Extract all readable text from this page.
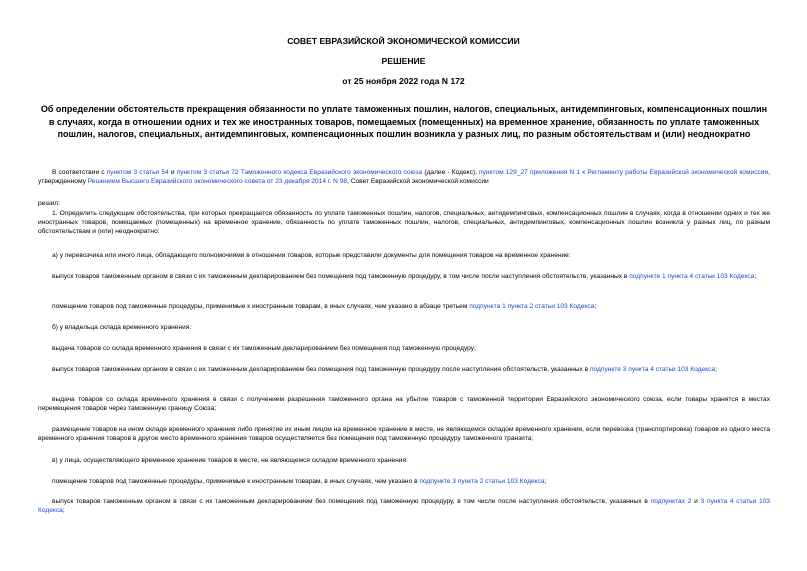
СОВЕТ ЕВРАЗИЙСКОЙ ЭКОНОМИЧЕСКОЙ КОМИССИИ
РЕШЕНИЕ
от 25 ноября 2022 года N 172
Об определении обстоятельств прекращения обязанности по уплате таможенных пошлин, налогов, специальных, антидемпинговых, компенсационных пошлин в случаях, когда в отношении одних и тех же иностранных товаров, помещаемых (помещенных) на временное хранение, обязанность по уплате таможенных пошлин, налогов, специальных, антидемпинговых, компенсационных пошлин возникла у разных лиц, по разным обстоятельствам и (или) неоднократно
В соответствии с пунктом 3 статьи 54 и пунктом 3 статьи 72 Таможенного кодекса Евразийского экономического союза (далее - Кодекс), пунктом 129_27 приложения N 1 к Регламенту работы Евразийской экономической комиссии, утвержденному Решением Высшего Евразийского экономического совета от 23 декабря 2014 г. N 98, Совет Евразийской экономической комиссии
решил:
1. Определить следующие обстоятельства, при которых прекращается обязанность по уплате таможенных пошлин, налогов, специальных, антидемпинговых, компенсационных пошлин в случаях, когда в отношении одних и тех же иностранных товаров, помещаемых (помещенных) на временное хранение, обязанность по уплате таможенных пошлин, налогов, специальных, антидемпинговых, компенсационных пошлин возникла у разных лиц, по разным обстоятельствам и (или) неоднократно:
а) у перевозчика или иного лица, обладающего полномочиями в отношении товаров, которые представили документы для помещения товаров на временное хранение:
выпуск товаров таможенным органом в связи с их таможенным декларированием без помещения под таможенную процедуру, в том числе после наступления обстоятельств, указанных в подпункте 1 пункта 4 статьи 103 Кодекса;
помещение товаров под таможенные процедуры, применимые к иностранным товарам, в иных случаях, чем указано в абзаце третьем подпункта 1 пункта 2 статьи 103 Кодекса;
б) у владельца склада временного хранения:
выдача товаров со склада временного хранения в связи с их таможенным декларированием без помещения под таможенную процедуру;
выпуск товаров таможенным органом в связи с их таможенным декларированием без помещения под таможенную процедуру после наступления обстоятельств, указанных в подпункте 3 пункта 4 статьи 103 Кодекса;
выдача товаров со склада временного хранения в связи с получением разрешения таможенного органа на убытие товаров с таможенной территории Евразийского экономического союза, если товары хранятся в местах перемещения товаров через таможенную границу Союза;
размещение товаров на ином складе временного хранения либо принятие их иным лицом на временное хранение в месте, не являющемся складом временного хранения, если перевозка (транспортировка) товаров из одного места временного хранения товаров в другое место временного хранения товаров осуществляется без помещения под таможенную процедуру таможенного транзита;
в) у лица, осуществляющего временное хранение товаров в месте, не являющемся складом временного хранения:
помещение товаров под таможенные процедуры, применимые к иностранным товарам, в иных случаях, чем указано в подпункте 3 пункта 2 статьи 103 Кодекса;
выпуск товаров таможенным органом в связи с их таможенным декларированием без помещения под таможенную процедуру, в том числе после наступления обстоятельств, указанных в подпунктах 2 и 3 пункта 4 статьи 103 Кодекса;
